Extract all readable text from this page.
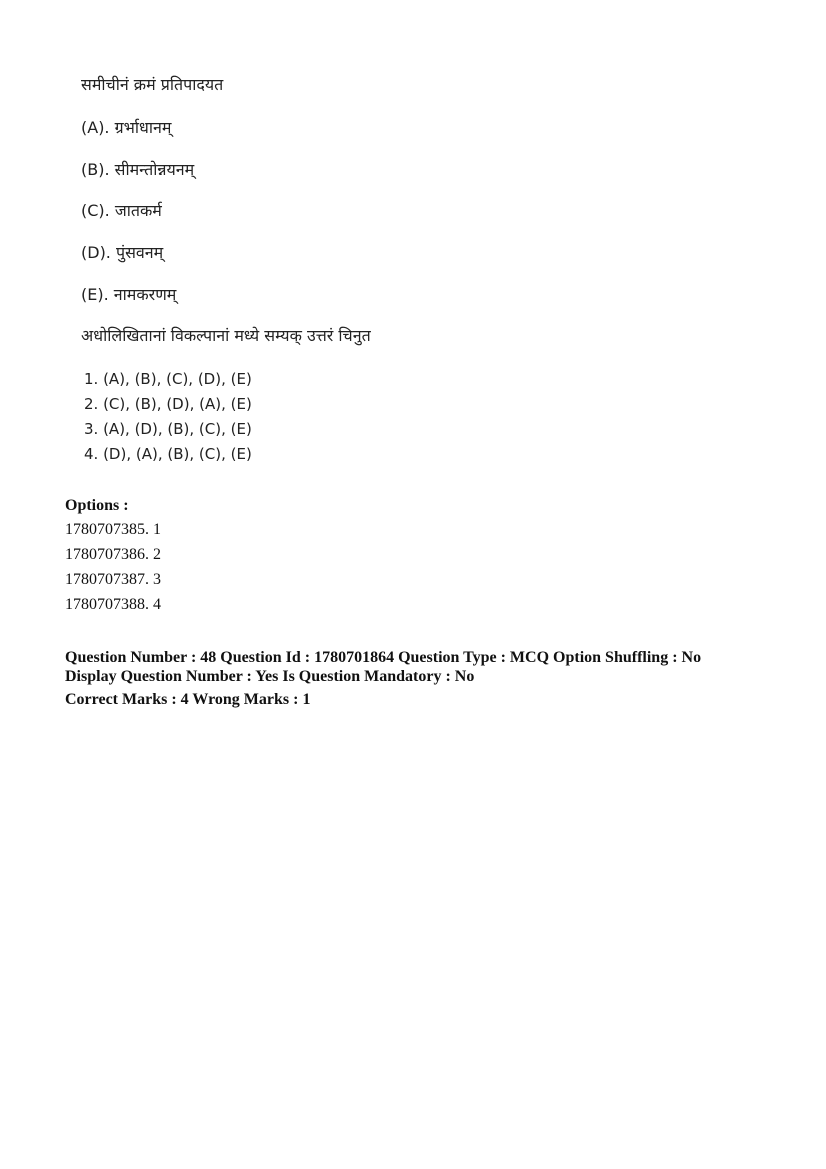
समीचीनं क्रमं प्रतिपादयत
(A). ग्रर्भाधानम्
(B). सीमन्तोन्नयनम्
(C). जातकर्म
(D). पुंसवनम्
(E). नामकरणम्
अधोलिखितानां विकल्पानां मध्ये सम्यक् उत्तरं चिनुत
1. (A), (B), (C), (D), (E)
2. (C), (B), (D), (A), (E)
3. (A), (D), (B), (C), (E)
4. (D), (A), (B), (C), (E)
Options :
1780707385. 1
1780707386. 2
1780707387. 3
1780707388. 4
Question Number : 48 Question Id : 1780701864 Question Type : MCQ Option Shuffling : No
Display Question Number : Yes Is Question Mandatory : No
Correct Marks : 4 Wrong Marks : 1
